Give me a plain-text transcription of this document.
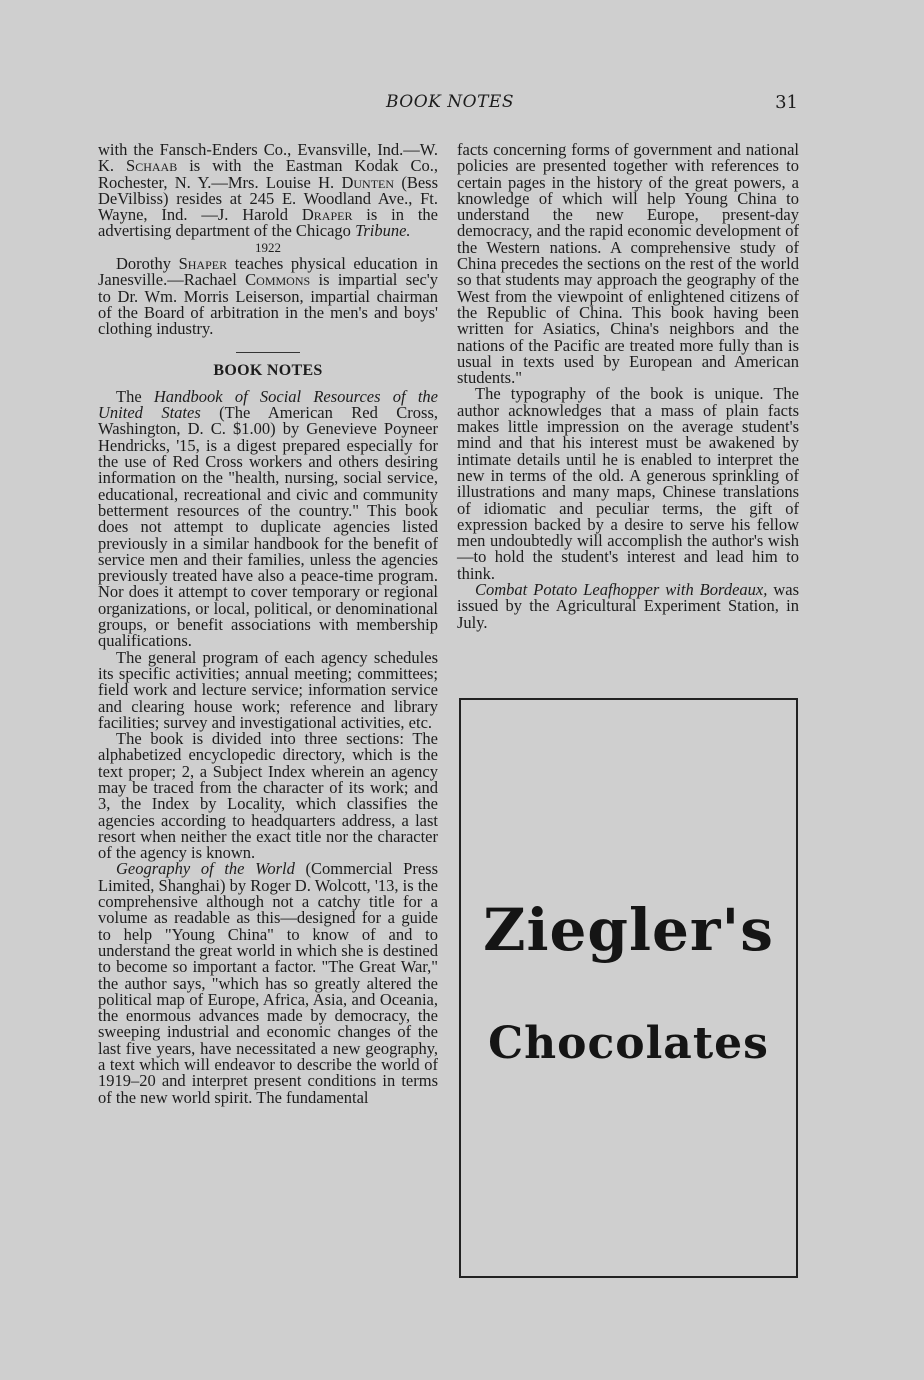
BOOK NOTES	31

with the Fansch-Enders Co., Evansville, Ind.—W. K. Schaab is with the Eastman Kodak Co., Rochester, N. Y.—Mrs. Louise H. Dunten (Bess DeVilbiss) resides at 245 E. Woodland Ave., Ft. Wayne, Ind. —J. Harold Draper is in the advertising department of the Chicago Tribune.

1922

Dorothy Shaper teaches physical education in Janesville.—Rachael Commons is impartial sec'y to Dr. Wm. Morris Leiserson, impartial chairman of the Board of arbitration in the men's and boys' clothing industry.

BOOK NOTES

The Handbook of Social Resources of the United States (The American Red Cross, Washington, D. C. $1.00) by Genevieve Poyneer Hendricks, '15, is a digest prepared especially for the use of Red Cross workers and others desiring information on the "health, nursing, social service, educational, recreational and civic and community betterment resources of the country." This book does not attempt to duplicate agencies listed previously in a similar handbook for the benefit of service men and their families, unless the agencies previously treated have also a peace-time program. Nor does it attempt to cover temporary or regional organizations, or local, political, or denominational groups, or benefit associations with membership qualifications.

The general program of each agency schedules its specific activities; annual meeting; committees; field work and lecture service; information service and clearing house work; reference and library facilities; survey and investigational activities, etc.

The book is divided into three sections: The alphabetized encyclopedic directory, which is the text proper; 2, a Subject Index wherein an agency may be traced from the character of its work; and 3, the Index by Locality, which classifies the agencies according to headquarters address, a last resort when neither the exact title nor the character of the agency is known.

Geography of the World (Commercial Press Limited, Shanghai) by Roger D. Wolcott, '13, is the comprehensive although not a catchy title for a volume as readable as this—designed for a guide to help "Young China" to know of and to understand the great world in which she is destined to become so important a factor. "The Great War," the author says, "which has so greatly altered the political map of Europe, Africa, Asia, and Oceania, the enormous advances made by democracy, the sweeping industrial and economic changes of the last five years, have necessitated a new geography, a text which will endeavor to describe the world of 1919–20 and interpret present conditions in terms of the new world spirit. The fundamental

facts concerning forms of government and national policies are presented together with references to certain pages in the history of the great powers, a knowledge of which will help Young China to understand the new Europe, present-day democracy, and the rapid economic development of the Western nations. A comprehensive study of China precedes the sections on the rest of the world so that students may approach the geography of the West from the viewpoint of enlightened citizens of the Republic of China. This book having been written for Asiatics, China's neighbors and the nations of the Pacific are treated more fully than is usual in texts used by European and American students."

The typography of the book is unique. The author acknowledges that a mass of plain facts makes little impression on the average student's mind and that his interest must be awakened by intimate details until he is enabled to interpret the new in terms of the old. A generous sprinkling of illustrations and many maps, Chinese translations of idiomatic and peculiar terms, the gift of expression backed by a desire to serve his fellow men undoubtedly will accomplish the author's wish—to hold the student's interest and lead him to think.

Combat Potato Leafhopper with Bordeaux, was issued by the Agricultural Experiment Station, in July.

Ziegler's
Chocolates
